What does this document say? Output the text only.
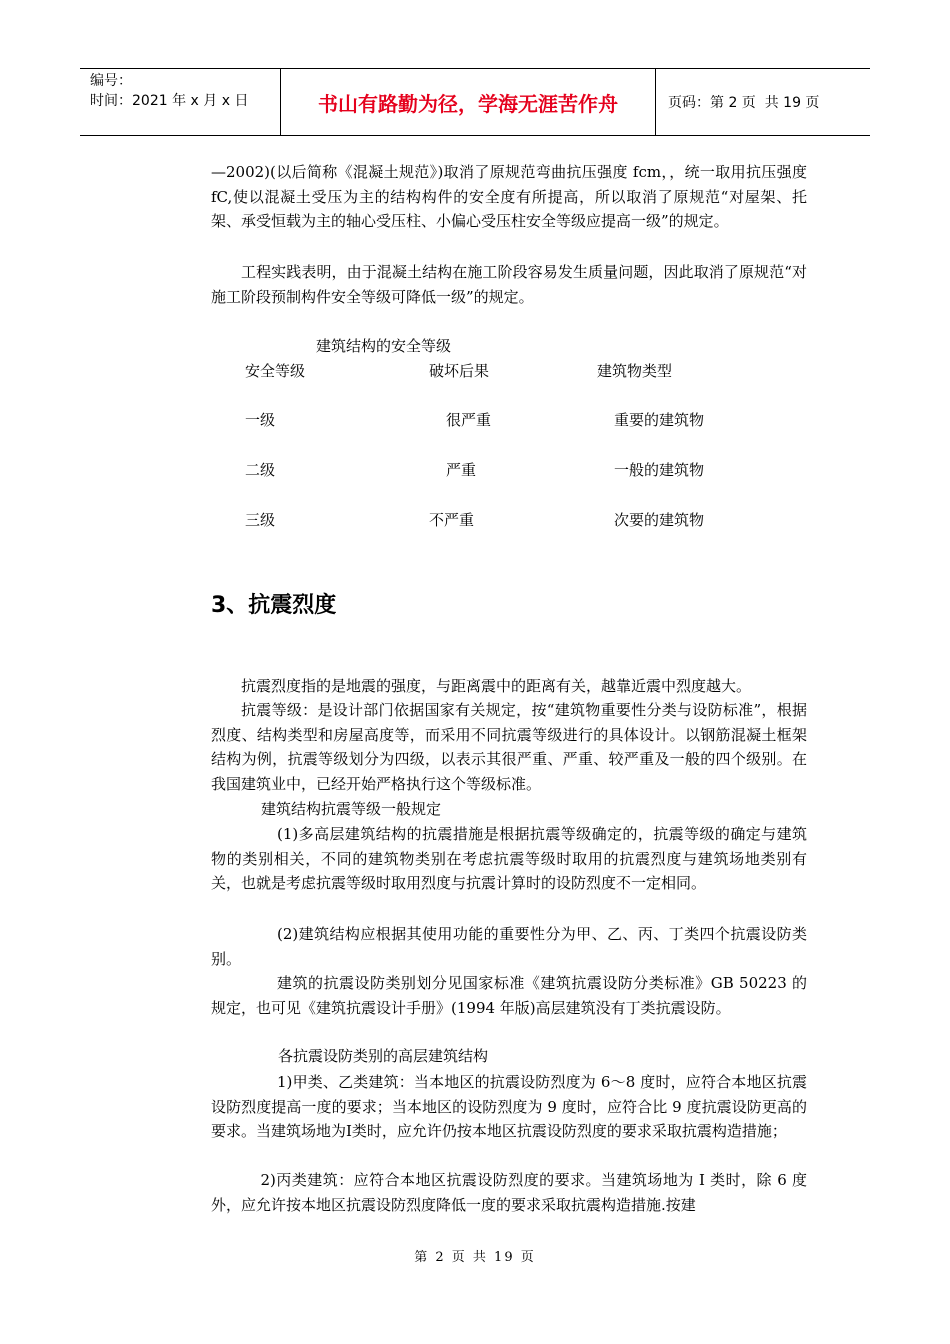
编号：
时间：2021 年 x 月 x 日	书山有路勤为径，学海无涯苦作舟	页码：第 2 页  共 19 页
—2002)(以后简称《混凝土规范》)取消了原规范弯曲抗压强度 fcm，，统一取用抗压强度 fC,使以混凝土受压为主的结构构件的安全度有所提高，所以取消了原规范“对屋架、托架、承受恒载为主的轴心受压柱、小偏心受压柱安全等级应提高一级”的规定。
工程实践表明，由于混凝土结构在施工阶段容易发生质量问题，因此取消了原规范“对施工阶段预制构件安全等级可降低一级”的规定。
建筑结构的安全等级
安全等级	破坏后果	建筑物类型
一级	很严重	重要的建筑物
二级	严重	一般的建筑物
三级	不严重	次要的建筑物
3、抗震烈度
抗震烈度指的是地震的强度，与距离震中的距离有关，越靠近震中烈度越大。
抗震等级：是设计部门依据国家有关规定，按“建筑物重要性分类与设防标准”，根据烈度、结构类型和房屋高度等，而采用不同抗震等级进行的具体设计。以钢筋混凝土框架结构为例，抗震等级划分为四级，以表示其很严重、严重、较严重及一般的四个级别。在我国建筑业中，已经开始严格执行这个等级标准。
建筑结构抗震等级一般规定
(1)多高层建筑结构的抗震措施是根据抗震等级确定的，抗震等级的确定与建筑物的类别相关，不同的建筑物类别在考虑抗震等级时取用的抗震烈度与建筑场地类别有关，也就是考虑抗震等级时取用烈度与抗震计算时的设防烈度不一定相同。
(2)建筑结构应根据其使用功能的重要性分为甲、乙、丙、丁类四个抗震设防类别。
建筑的抗震设防类别划分见国家标准《建筑抗震设防分类标准》GB 50223 的规定，也可见《建筑抗震设计手册》(1994 年版)高层建筑没有丁类抗震设防。
各抗震设防类别的高层建筑结构
1)甲类、乙类建筑：当本地区的抗震设防烈度为 6～8 度时，应符合本地区抗震设防烈度提高一度的要求；当本地区的设防烈度为 9 度时，应符合比 9 度抗震设防更高的要求。当建筑场地为Ⅰ类时，应允许仍按本地区抗震设防烈度的要求采取抗震构造措施；
2)丙类建筑：应符合本地区抗震设防烈度的要求。当建筑场地为 I 类时，除 6 度外，应允许按本地区抗震设防烈度降低一度的要求采取抗震构造措施.按建
第 2 页 共 19 页
